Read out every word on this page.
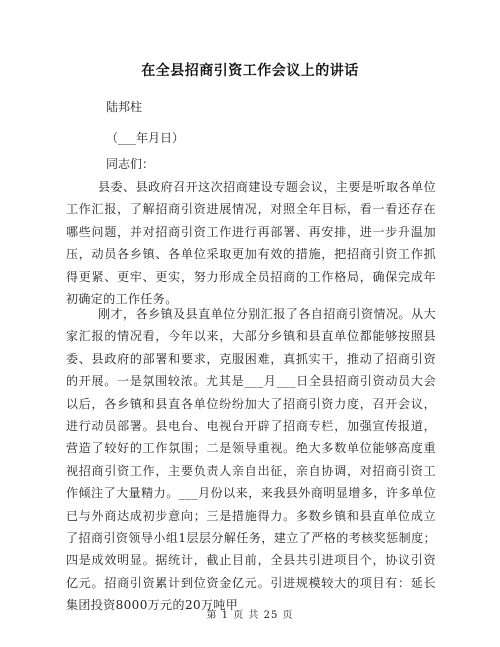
在全县招商引资工作会议上的讲话
陆邦柱
（___年月日）
同志们：

县委、县政府召开这次招商建设专题会议，主要是听取各单位工作汇报，了解招商引资进展情况，对照全年目标，看一看还存在哪些问题，并对招商引资工作进行再部署、再安排，进一步升温加压，动员各乡镇、各单位采取更加有效的措施，把招商引资工作抓得更紧、更牢、更实，努力形成全员招商的工作格局，确保完成年初确定的工作任务。

刚才，各乡镇及县直单位分别汇报了各自招商引资情况。从大家汇报的情况看，今年以来，大部分乡镇和县直单位都能够按照县委、县政府的部署和要求，克服困难，真抓实干，推动了招商引资的开展。一是氛围较浓。尤其是___月___日全县招商引资动员大会以后，各乡镇和县直各单位纷纷加大了招商引资力度，召开会议，进行动员部署。县电台、电视台开辟了招商专栏，加强宣传报道，营造了较好的工作氛围；二是领导重视。绝大多数单位能够高度重视招商引资工作，主要负责人亲自出征，亲自协调，对招商引资工作倾注了大量精力。___月份以来，来我县外商明显增多，许多单位已与外商达成初步意向；三是措施得力。多数乡镇和县直单位成立了招商引资领导小组1层层分解任务，建立了严格的考核奖惩制度；四是成效明显。据统计，截止目前，全县共引进项目个，协议引资亿元。招商引资累计到位资金亿元。引进规模较大的项目有：延长集团投资8000万元的20万吨甲

第 1 页 共 25 页
